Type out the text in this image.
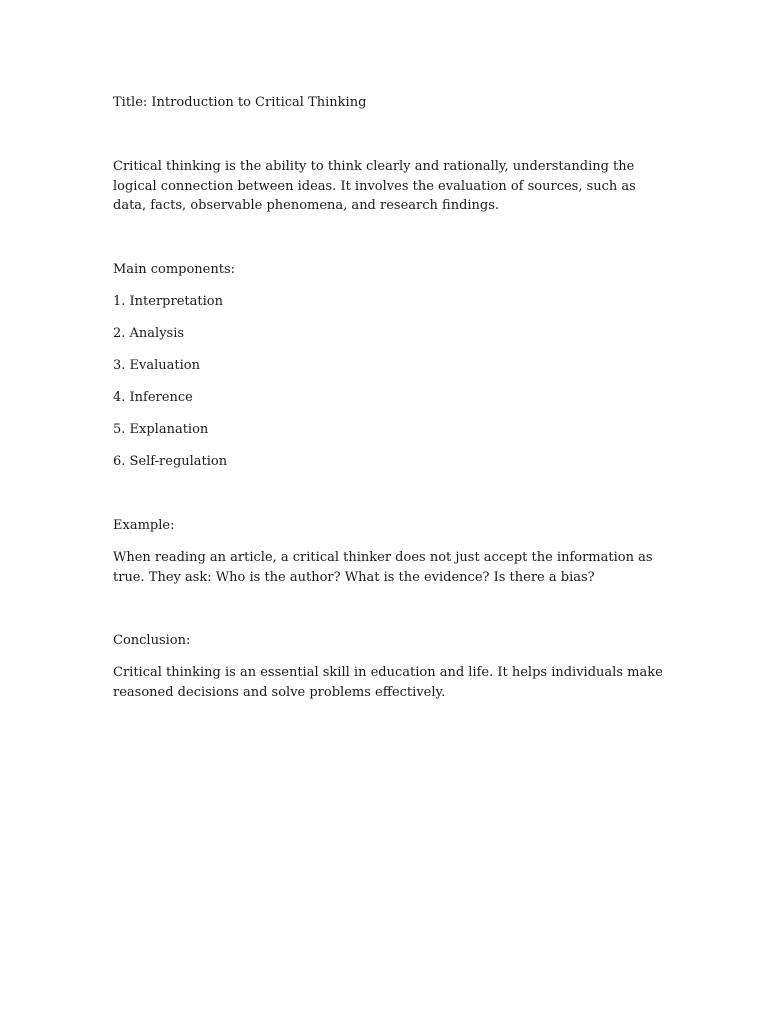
Title: Introduction to Critical Thinking

Critical thinking is the ability to think clearly and rationally, understanding the logical connection between ideas. It involves the evaluation of sources, such as data, facts, observable phenomena, and research findings.

Main components:

1. Interpretation
2. Analysis
3. Evaluation
4. Inference
5. Explanation
6. Self-regulation

Example:

When reading an article, a critical thinker does not just accept the information as true. They ask: Who is the author? What is the evidence? Is there a bias?

Conclusion:

Critical thinking is an essential skill in education and life. It helps individuals make reasoned decisions and solve problems effectively.
